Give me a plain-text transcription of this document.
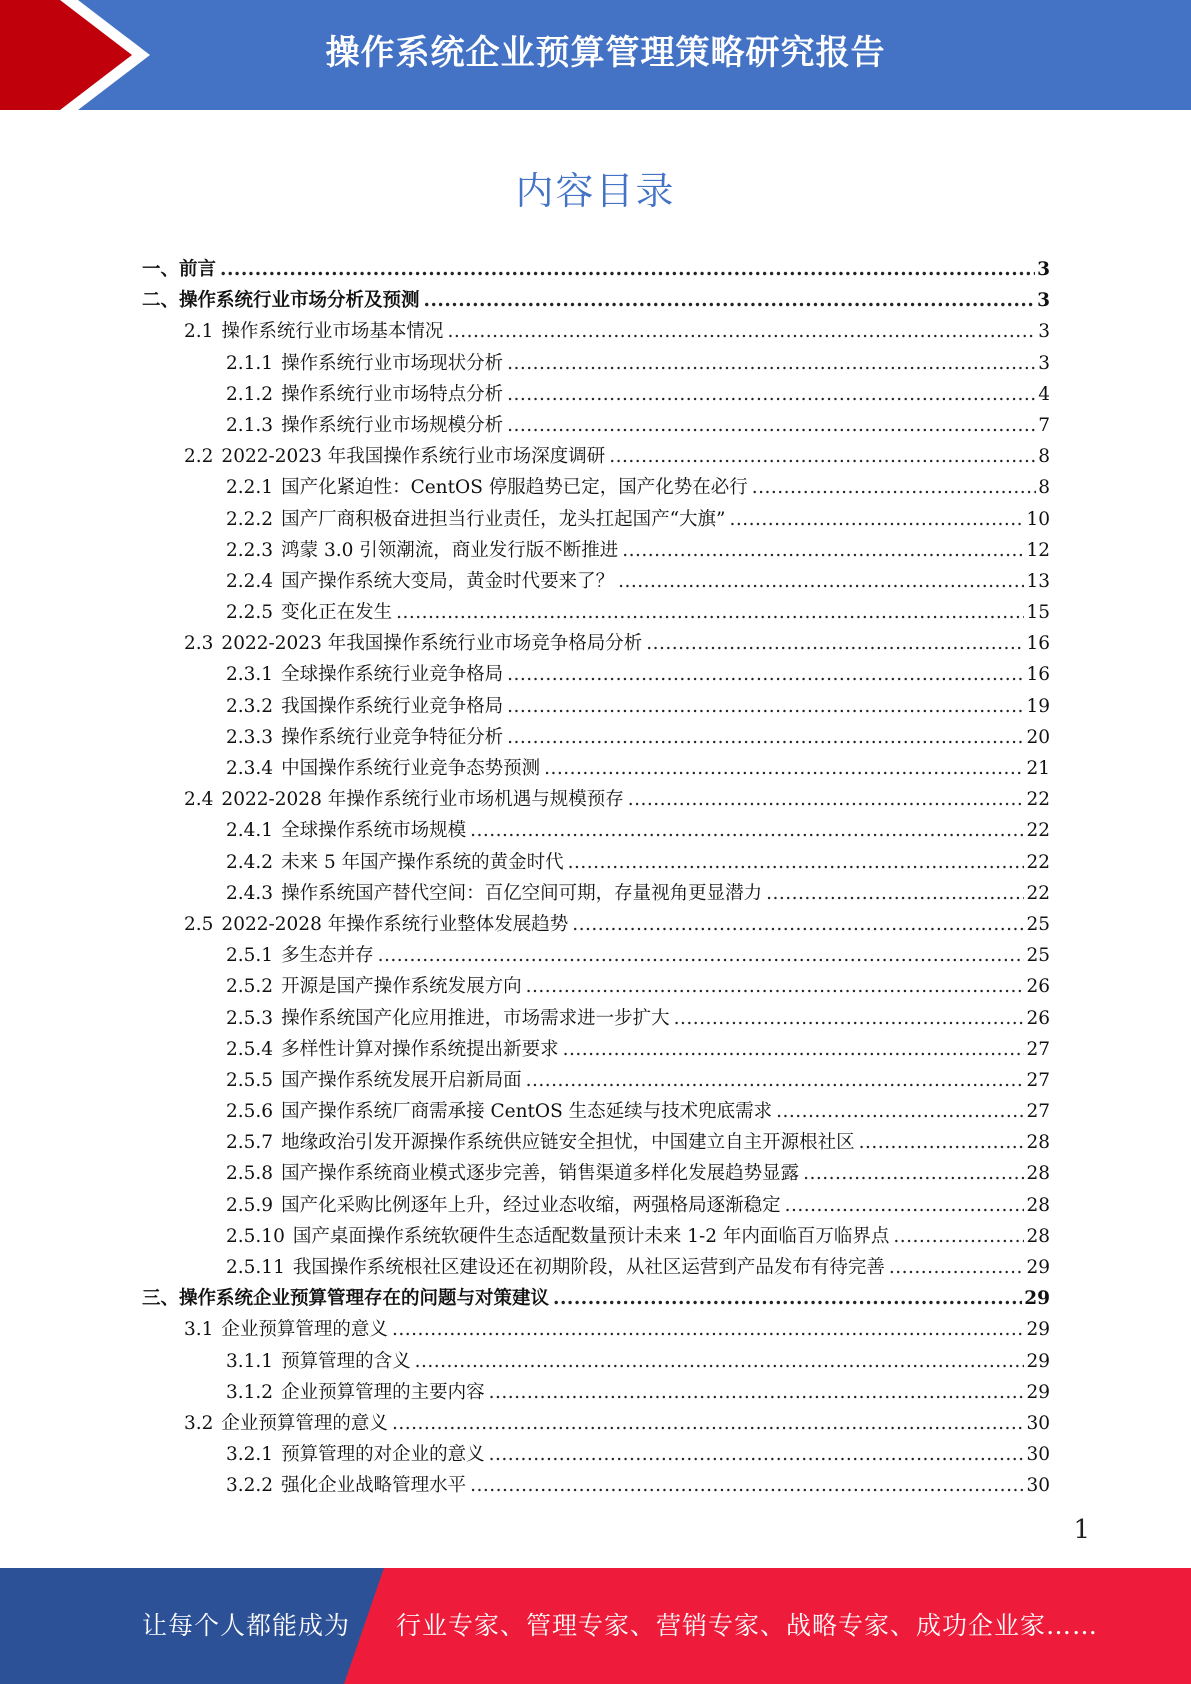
操作系统企业预算管理策略研究报告
内容目录
一、前言 .....	3
二、操作系统行业市场分析及预测 .....	3
2.1 操作系统行业市场基本情况 .....	3
2.1.1 操作系统行业市场现状分析 .....	3
2.1.2 操作系统行业市场特点分析 .....	4
2.1.3 操作系统行业市场规模分析 .....	7
2.2 2022-2023 年我国操作系统行业市场深度调研 .....	8
2.2.1 国产化紧迫性：CentOS 停服趋势已定，国产化势在必行 .....	8
2.2.2 国产厂商积极奋进担当行业责任，龙头扛起国产“大旗” .....	10
2.2.3 鸿蒙 3.0 引领潮流，商业发行版不断推进 .....	12
2.2.4 国产操作系统大变局，黄金时代要来了？ .....	13
2.2.5 变化正在发生 .....	15
2.3 2022-2023 年我国操作系统行业市场竞争格局分析 .....	16
2.3.1 全球操作系统行业竞争格局 .....	16
2.3.2 我国操作系统行业竞争格局 .....	19
2.3.3 操作系统行业竞争特征分析 .....	20
2.3.4 中国操作系统行业竞争态势预测 .....	21
2.4 2022-2028 年操作系统行业市场机遇与规模预存 .....	22
2.4.1 全球操作系统市场规模 .....	22
2.4.2 未来 5 年国产操作系统的黄金时代 .....	22
2.4.3 操作系统国产替代空间：百亿空间可期，存量视角更显潜力 .....	22
2.5 2022-2028 年操作系统行业整体发展趋势 .....	25
2.5.1 多生态并存 .....	25
2.5.2 开源是国产操作系统发展方向 .....	26
2.5.3 操作系统国产化应用推进，市场需求进一步扩大 .....	26
2.5.4 多样性计算对操作系统提出新要求 .....	27
2.5.5 国产操作系统发展开启新局面 .....	27
2.5.6 国产操作系统厂商需承接 CentOS 生态延续与技术兜底需求 .....	27
2.5.7 地缘政治引发开源操作系统供应链安全担忧，中国建立自主开源根社区 .....	28
2.5.8 国产操作系统商业模式逐步完善，销售渠道多样化发展趋势显露 .....	28
2.5.9 国产化采购比例逐年上升，经过业态收缩，两强格局逐渐稳定 .....	28
2.5.10 国产桌面操作系统软硬件生态适配数量预计未来 1-2 年内面临百万临界点 .....	28
2.5.11 我国操作系统根社区建设还在初期阶段，从社区运营到产品发布有待完善 .....	29
三、操作系统企业预算管理存在的问题与对策建议 .....	29
3.1 企业预算管理的意义 .....	29
3.1.1 预算管理的含义 .....	29
3.1.2 企业预算管理的主要内容 .....	29
3.2 企业预算管理的意义 .....	30
3.2.1 预算管理的对企业的意义 .....	30
3.2.2 强化企业战略管理水平 .....	30
1
让每个人都能成为 行业专家、管理专家、营销专家、战略专家、成功企业家……
